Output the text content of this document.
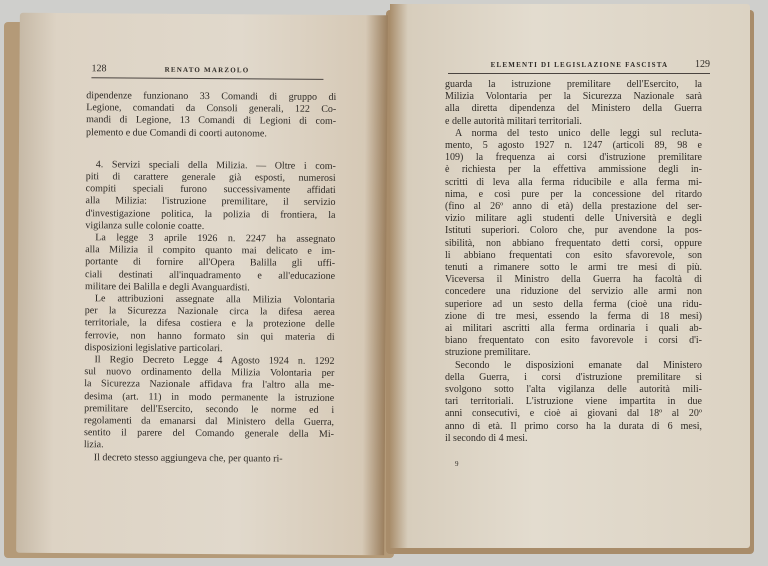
128	RENATO MARZOLO
dipendenze funzionano 33 Comandi di gruppo di
Legione, comandati da Consoli generali, 122 Co-
mandi di Legione, 13 Comandi di Legioni di com-
plemento e due Comandi di coorti autonome.
4. Servizi speciali della Milizia. — Oltre i com-
piti di carattere generale già esposti, numerosi
compiti speciali furono successivamente affidati
alla Milizia: l'istruzione premilitare, il servizio
d'investigazione politica, la polizia di frontiera, la
vigilanza sulle colonie coatte.
La legge 3 aprile 1926 n. 2247 ha assegnato
alla Milizia il compito quanto mai delicato e im-
portante di fornire all'Opera Balilla gli uffi-
ciali destinati all'inquadramento e all'educazione
militare dei Balilla e degli Avanguardisti.
Le attribuzioni assegnate alla Milizia Volontaria
per la Sicurezza Nazionale circa la difesa aerea
territoriale, la difesa costiera e la protezione delle
ferrovie, non hanno formato sin qui materia di
disposizioni legislative particolari.
Il Regio Decreto Legge 4 Agosto 1924 n. 1292
sul nuovo ordinamento della Milizia Volontaria per
la Sicurezza Nazionale affidava fra l'altro alla me-
desima (art. 11) in modo permanente la istruzione
premilitare dell'Esercito, secondo le norme ed i
regolamenti da emanarsi dal Ministero della Guerra,
sentito il parere del Comando generale della Mi-
lizia.
Il decreto stesso aggiungeva che, per quanto ri-
ELEMENTI DI LEGISLAZIONE FASCISTA	129
guarda la istruzione premilitare dell'Esercito, la
Milizia Volontaria per la Sicurezza Nazionale sarà
alla diretta dipendenza del Ministero della Guerra
e delle autorità militari territoriali.
A norma del testo unico delle leggi sul recluta-
mento, 5 agosto 1927 n. 1247 (articoli 89, 98 e
109) la frequenza ai corsi d'istruzione premilitare
è richiesta per la effettiva ammissione degli in-
scritti di leva alla ferma riducibile e alla ferma mi-
nima, e così pure per la concessione del ritardo
(fino al 26º anno di età) della prestazione del ser-
vizio militare agli studenti delle Università e degli
Istituti superiori. Coloro che, pur avendone la pos-
sibilità, non abbiano frequentato detti corsi, oppure
li abbiano frequentati con esito sfavorevole, son
tenuti a rimanere sotto le armi tre mesi di più.
Viceversa il Ministro della Guerra ha facoltà di
concedere una riduzione del servizio alle armi non
superiore ad un sesto della ferma (cioè una ridu-
zione di tre mesi, essendo la ferma di 18 mesi)
ai militari ascritti alla ferma ordinaria i quali ab-
biano frequentato con esito favorevole i corsi d'i-
struzione premilitare.
Secondo le disposizioni emanate dal Ministero
della Guerra, i corsi d'istruzione premilitare si
svolgono sotto l'alta vigilanza delle autorità mili-
tari territoriali. L'istruzione viene impartita in due
anni consecutivi, e cioè ai giovani dal 18º al 20º
anno di età. Il primo corso ha la durata di 6 mesi,
il secondo di 4 mesi.
9
